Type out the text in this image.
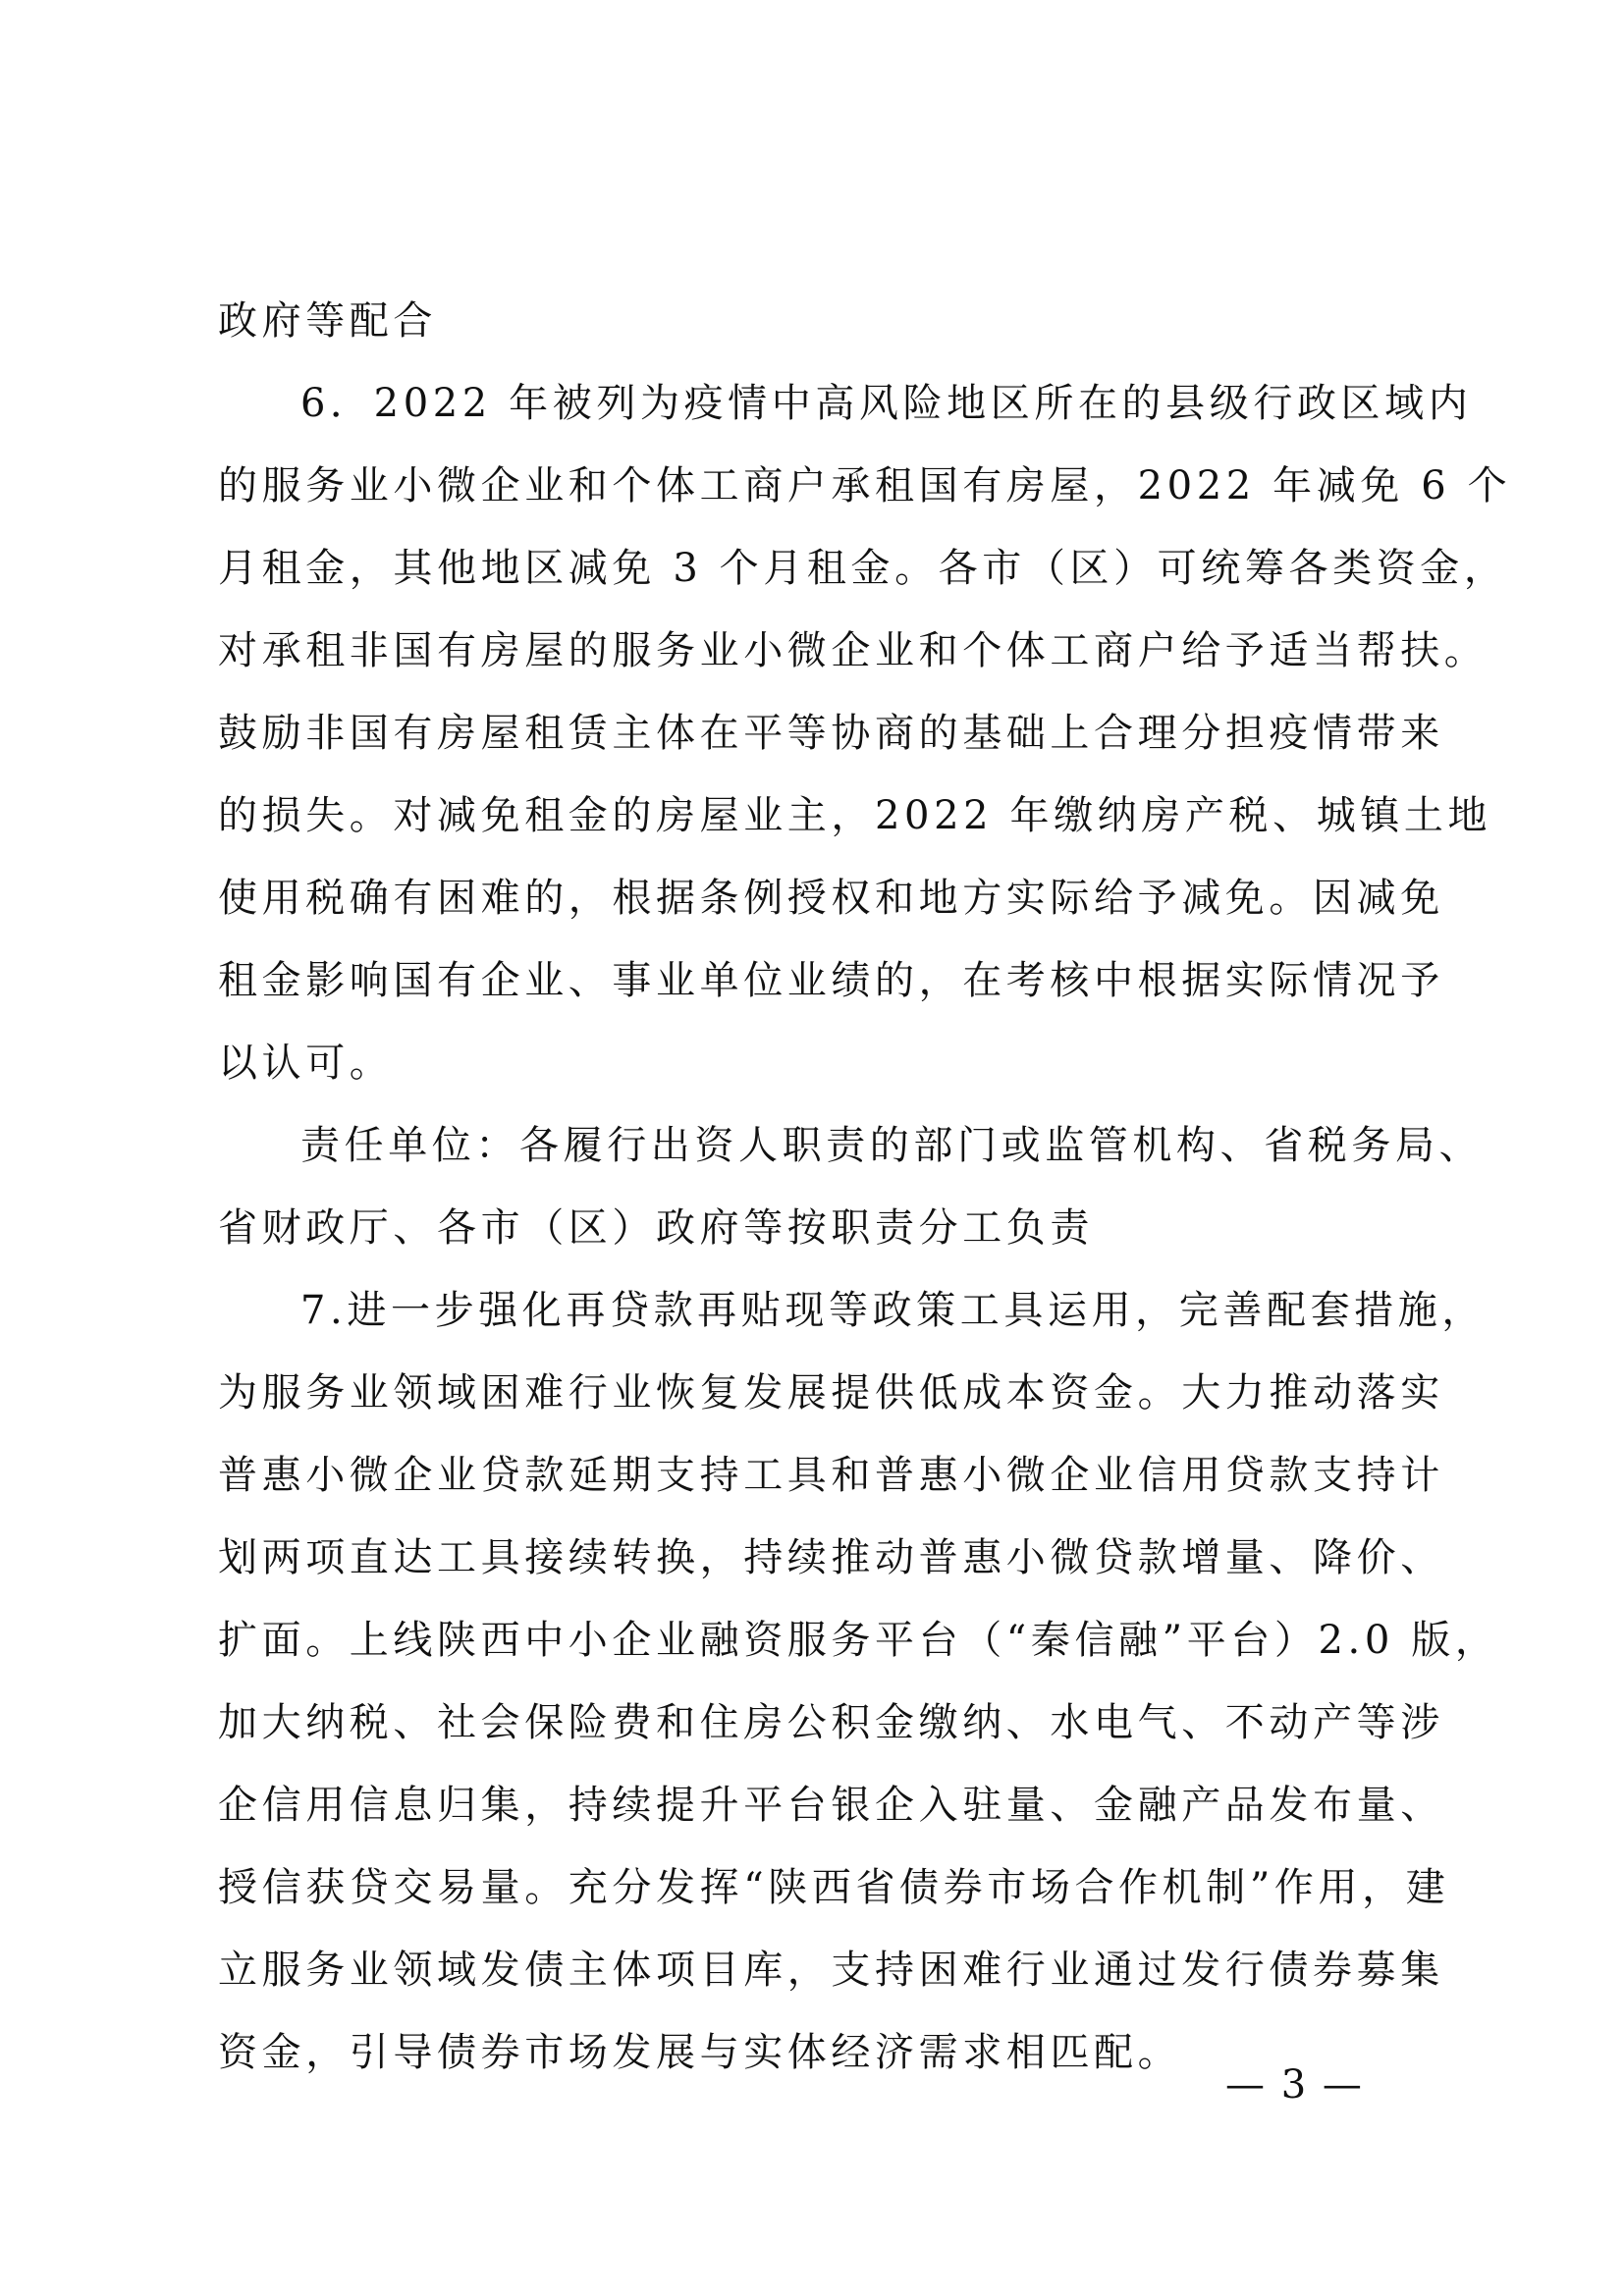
政府等配合
6．2022 年被列为疫情中高风险地区所在的县级行政区域内
的服务业小微企业和个体工商户承租国有房屋，2022 年减免 6 个
月租金，其他地区减免 3 个月租金。各市（区）可统筹各类资金，
对承租非国有房屋的服务业小微企业和个体工商户给予适当帮扶。
鼓励非国有房屋租赁主体在平等协商的基础上合理分担疫情带来
的损失。对减免租金的房屋业主，2022 年缴纳房产税、城镇土地
使用税确有困难的，根据条例授权和地方实际给予减免。因减免
租金影响国有企业、事业单位业绩的，在考核中根据实际情况予
以认可。
责任单位：各履行出资人职责的部门或监管机构、省税务局、
省财政厅、各市（区）政府等按职责分工负责
7.进一步强化再贷款再贴现等政策工具运用，完善配套措施，
为服务业领域困难行业恢复发展提供低成本资金。大力推动落实
普惠小微企业贷款延期支持工具和普惠小微企业信用贷款支持计
划两项直达工具接续转换，持续推动普惠小微贷款增量、降价、
扩面。上线陕西中小企业融资服务平台（“秦信融”平台）2.0 版，
加大纳税、社会保险费和住房公积金缴纳、水电气、不动产等涉
企信用信息归集，持续提升平台银企入驻量、金融产品发布量、
授信获贷交易量。充分发挥“陕西省债券市场合作机制”作用，建
立服务业领域发债主体项目库，支持困难行业通过发行债券募集
资金，引导债券市场发展与实体经济需求相匹配。
— 3 —
